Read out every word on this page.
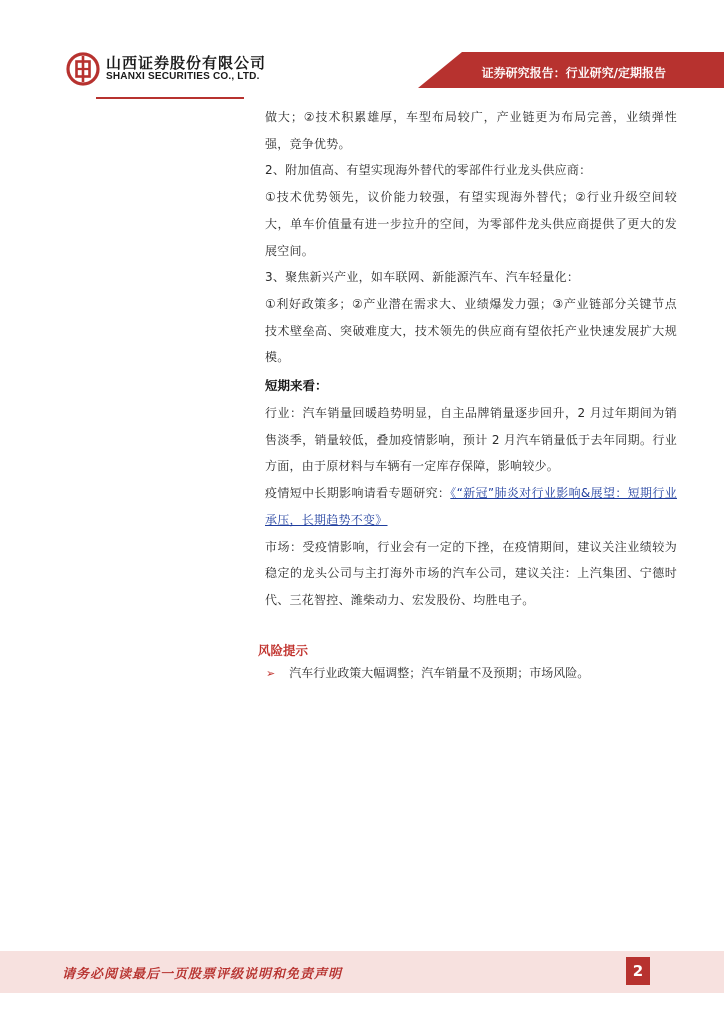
山西证券股份有限公司
SHANXI SECURITIES CO., LTD.	证券研究报告：行业研究/定期报告

做大；②技术积累雄厚，车型布局较广，产业链更为布局完善，业绩弹性强，竞争优势。

2、附加值高、有望实现海外替代的零部件行业龙头供应商：

①技术优势领先，议价能力较强，有望实现海外替代；②行业升级空间较大，单车价值量有进一步拉升的空间，为零部件龙头供应商提供了更大的发展空间。

3、聚焦新兴产业，如车联网、新能源汽车、汽车轻量化：

①利好政策多；②产业潜在需求大、业绩爆发力强；③产业链部分关键节点技术壁垒高、突破难度大，技术领先的供应商有望依托产业快速发展扩大规模。

短期来看：

行业：汽车销量回暖趋势明显，自主品牌销量逐步回升，2 月过年期间为销售淡季，销量较低，叠加疫情影响，预计 2 月汽车销量低于去年同期。行业方面，由于原材料与车辆有一定库存保障，影响较少。

疫情短中长期影响请看专题研究：《“新冠”肺炎对行业影响&展望：短期行业承压，长期趋势不变》

市场：受疫情影响，行业会有一定的下挫，在疫情期间，建议关注业绩较为稳定的龙头公司与主打海外市场的汽车公司，建议关注：上汽集团、宁德时代、三花智控、潍柴动力、宏发股份、均胜电子。

风险提示
➢ 汽车行业政策大幅调整；汽车销量不及预期；市场风险。
请务必阅读最后一页股票评级说明和免责声明	2
